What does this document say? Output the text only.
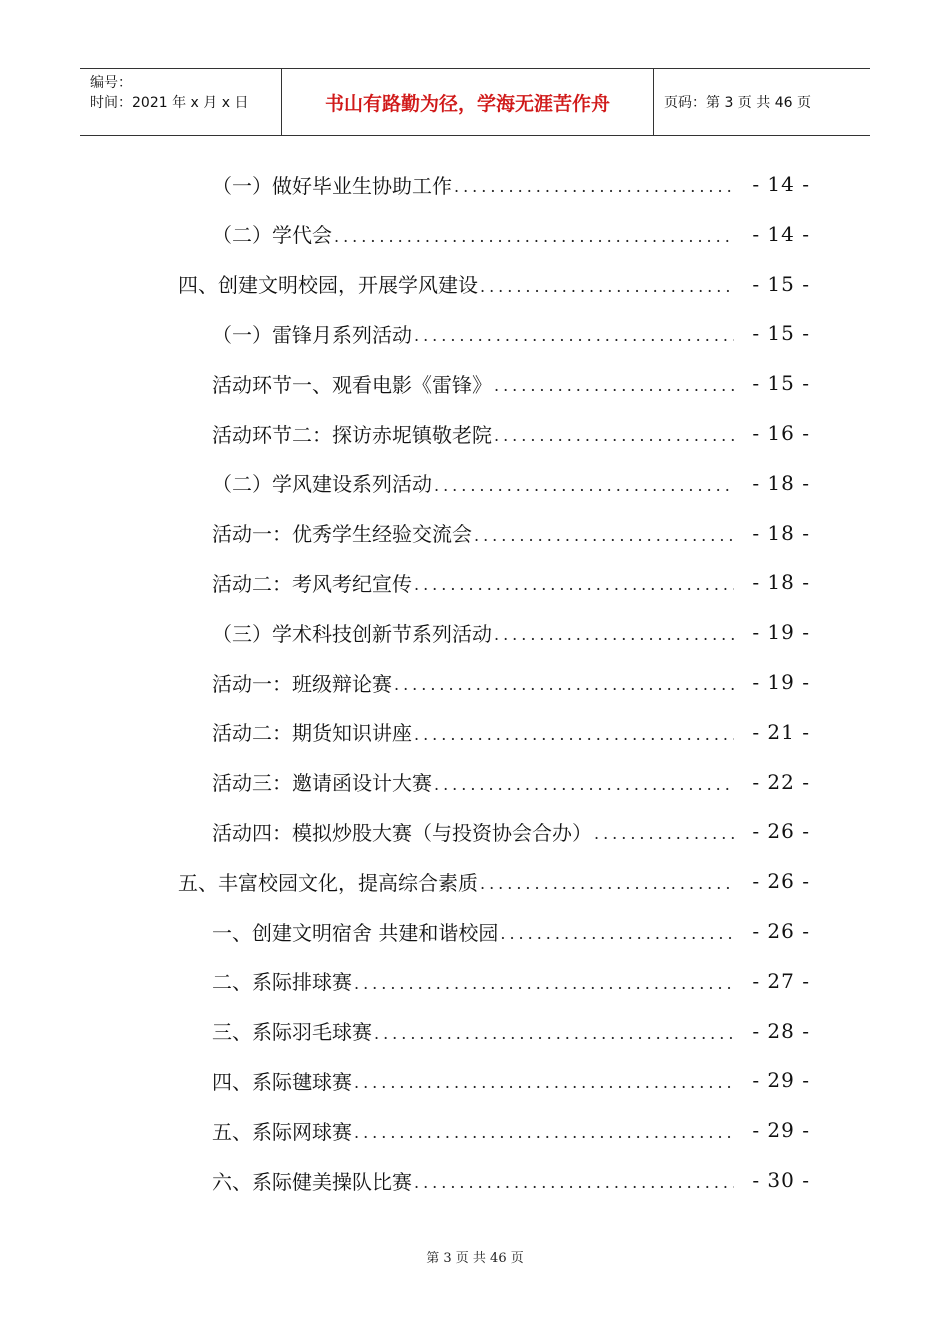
编号：
时间：2021 年 x 月 x 日	书山有路勤为径，学海无涯苦作舟	页码：第 3 页 共 46 页
（一）做好毕业生协助工作 .....	- 14 -
（二）学代会 .....	- 14 -
四、 创建文明校园，开展学风建设 .....	- 15 -
（一）雷锋月系列活动 .....	- 15 -
活动环节一、观看电影《雷锋》 .....	- 15 -
活动环节二：探访赤坭镇敬老院 .....	- 16 -
（二）学风建设系列活动 .....	- 18 -
活动一：优秀学生经验交流会 .....	- 18 -
活动二：考风考纪宣传 .....	- 18 -
（三）学术科技创新节系列活动 .....	- 19 -
活动一：班级辩论赛 .....	- 19 -
活动二：期货知识讲座 .....	- 21 -
活动三：邀请函设计大赛 .....	- 22 -
活动四：模拟炒股大赛（与投资协会合办） .....	- 26 -
五、 丰富校园文化，提高综合素质 .....	- 26 -
一、创建文明宿舍 共建和谐校园 .....	- 26 -
二、系际排球赛 .....	- 27 -
三、系际羽毛球赛 .....	- 28 -
四、系际毽球赛 .....	- 29 -
五、系际网球赛 .....	- 29 -
六、系际健美操队比赛 .....	- 30 -
第 3 页 共 46 页
